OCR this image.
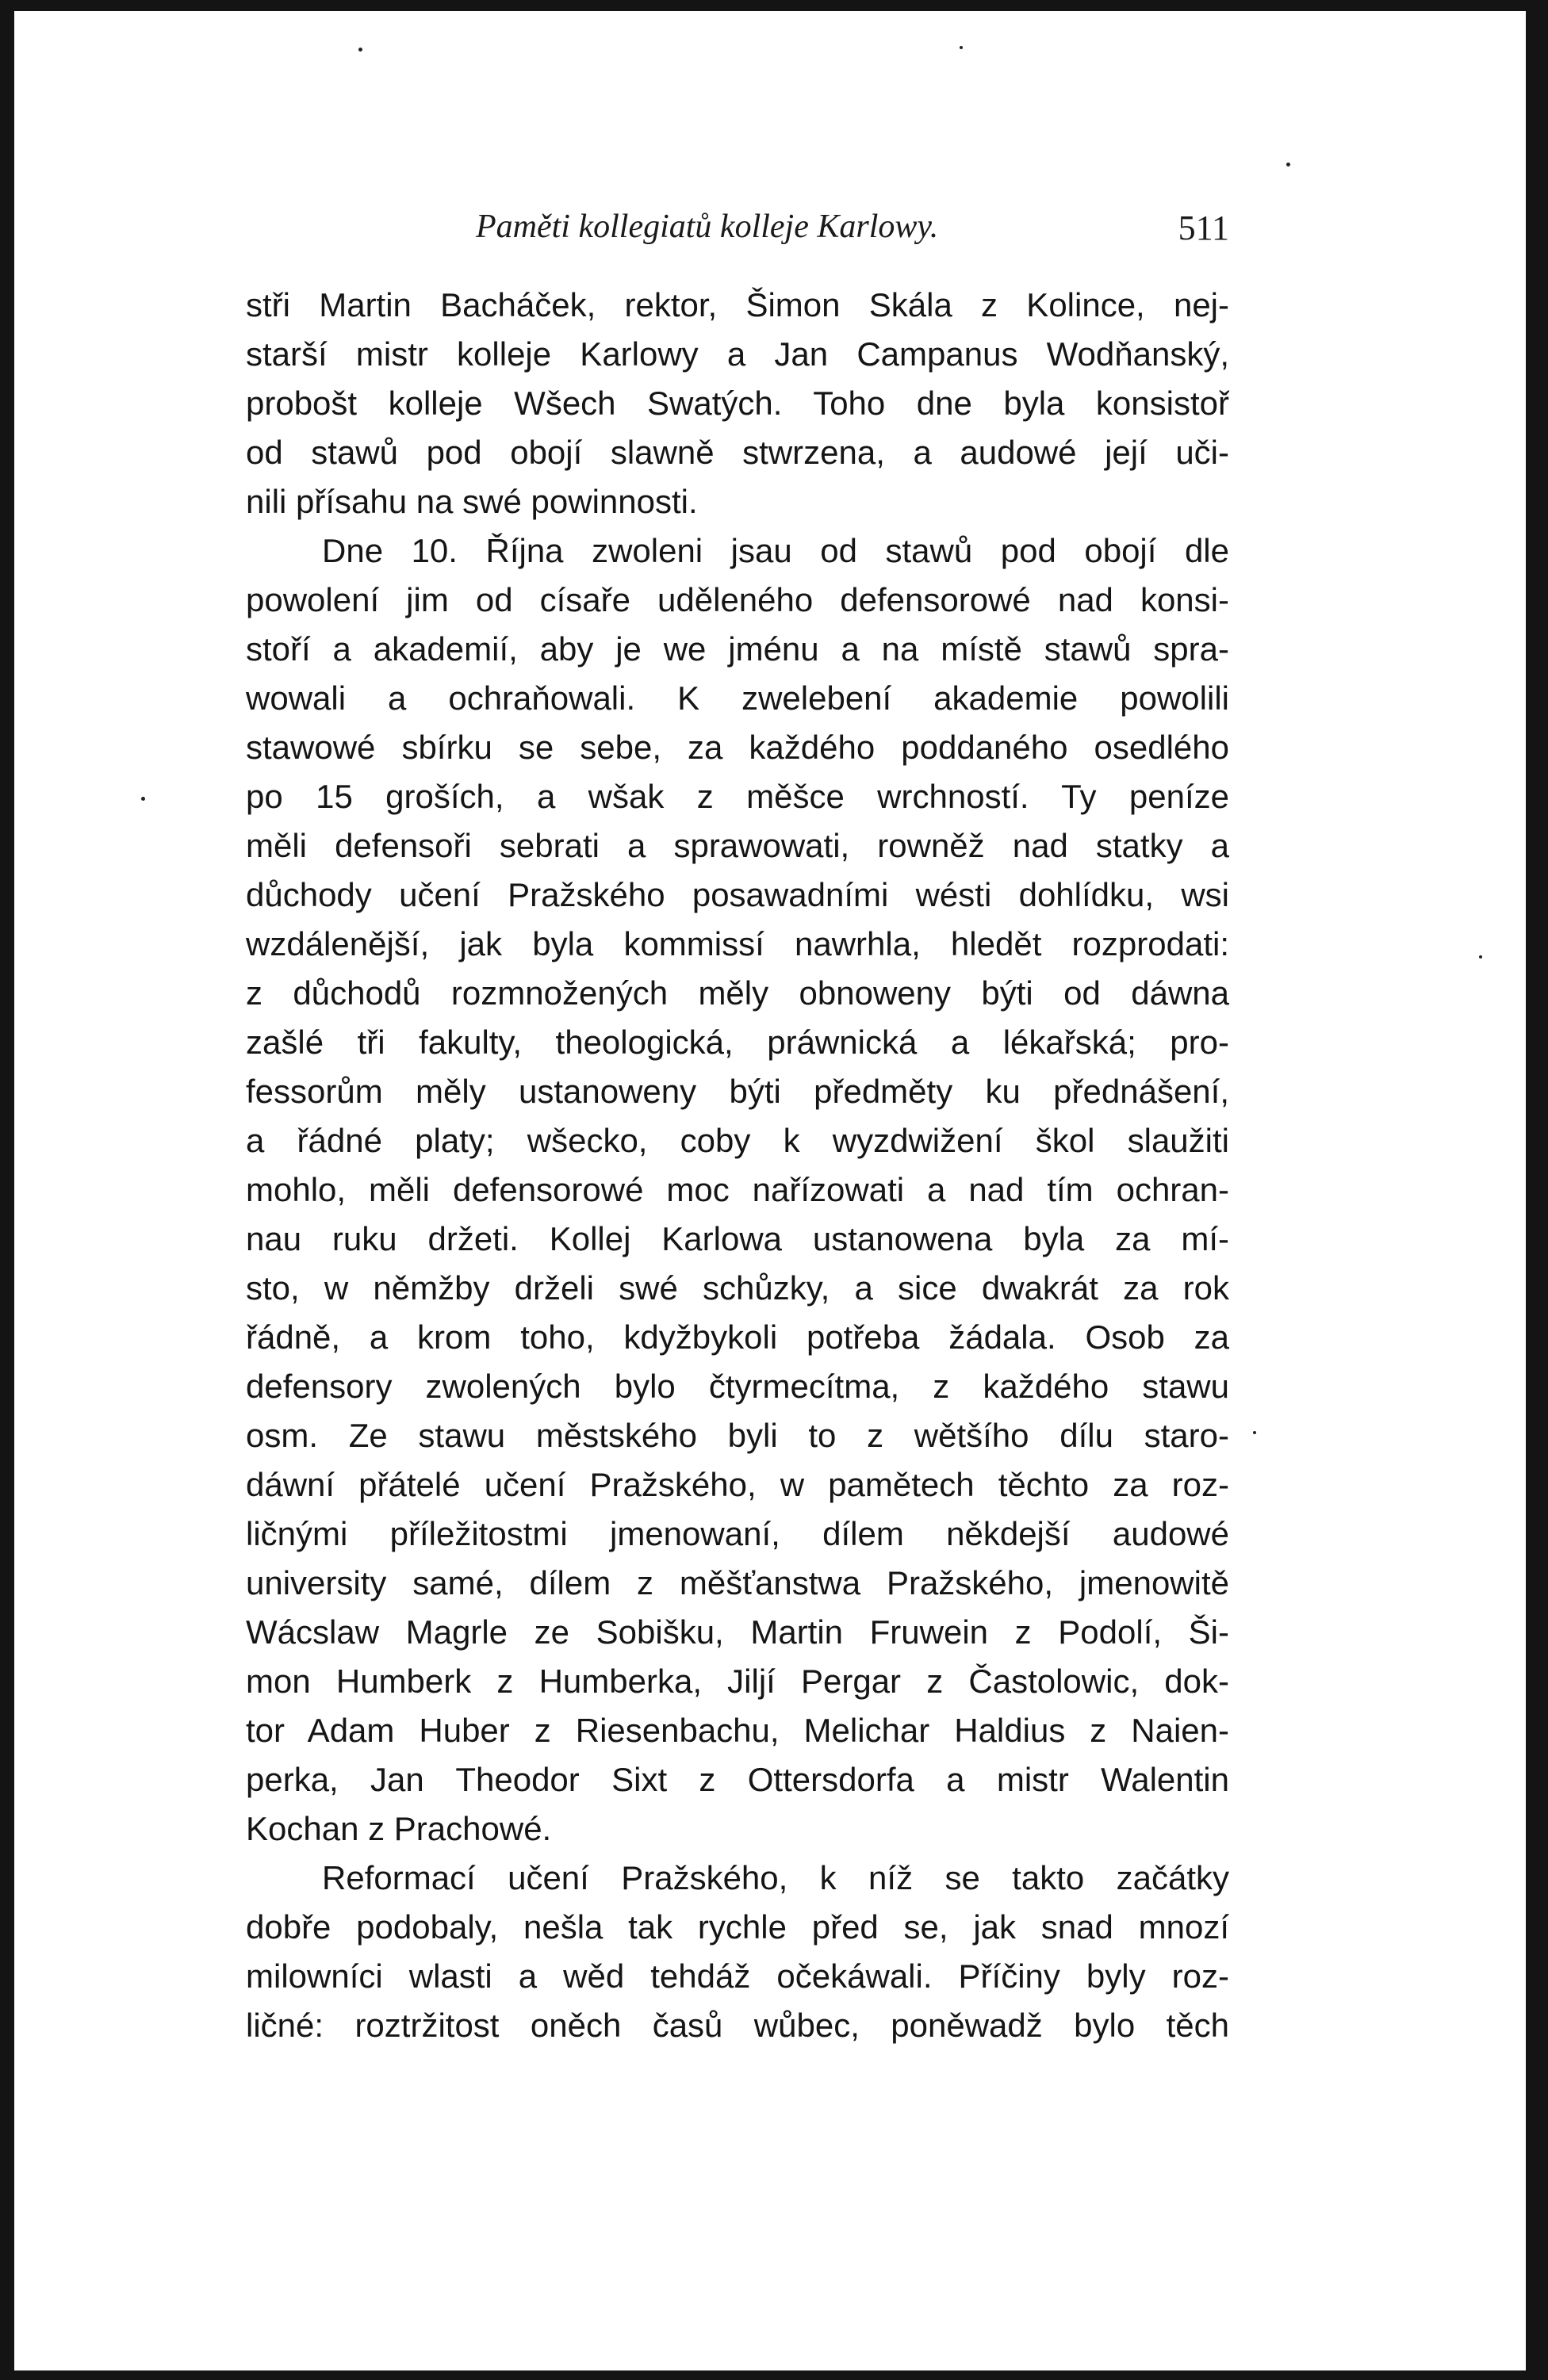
Paměti kollegiatů kolleje Karlowy.	511
stři Martin Bacháček, rektor, Šimon Skála z Kolince, nej-
starší mistr kolleje Karlowy a Jan Campanus Wodňanský,
probošt kolleje Wšech Swatých. Toho dne byla konsistoř
od stawů pod obojí slawně stwrzena, a audowé její uči-
nili přísahu na swé powinnosti.
Dne 10. Října zwoleni jsau od stawů pod obojí dle
powolení jim od císaře uděleného defensorowé nad konsi-
stoří a akademií, aby je we jménu a na místě stawů spra-
wowali a ochraňowali. K zwelebení akademie powolili
stawowé sbírku se sebe, za každého poddaného osedlého
po 15 groších, a wšak z měšce wrchností. Ty peníze
měli defensoři sebrati a sprawowati, rowněž nad statky a
důchody učení Pražského posawadními wésti dohlídku, wsi
wzdálenější, jak byla kommissí nawrhla, hledět rozprodati:
z důchodů rozmnožených měly obnoweny býti od dáwna
zašlé tři fakulty, theologická, práwnická a lékařská; pro-
fessorům měly ustanoweny býti předměty ku přednášení,
a řádné platy; wšecko, coby k wyzdwižení škol slaužiti
mohlo, měli defensorowé moc nařízowati a nad tím ochran-
nau ruku držeti. Kollej Karlowa ustanowena byla za mí-
sto, w němžby drželi swé schůzky, a sice dwakrát za rok
řádně, a krom toho, kdyžbykoli potřeba žádala. Osob za
defensory zwolených bylo čtyrmecítma, z každého stawu
osm. Ze stawu městského byli to z wětšího dílu staro-
dáwní přátelé učení Pražského, w pamětech těchto za roz-
ličnými příležitostmi jmenowaní, dílem někdejší audowé
university samé, dílem z měšťanstwa Pražského, jmenowitě
Wácslaw Magrle ze Sobišku, Martin Fruwein z Podolí, Ši-
mon Humberk z Humberka, Jiljí Pergar z Častolowic, dok-
tor Adam Huber z Riesenbachu, Melichar Haldius z Naien-
perka, Jan Theodor Sixt z Ottersdorfa a mistr Walentin
Kochan z Prachowé.
Reformací učení Pražského, k níž se takto začátky
dobře podobaly, nešla tak rychle před se, jak snad mnozí
milowníci wlasti a wěd tehdáž očekáwali. Příčiny byly roz-
ličné: roztržitost oněch časů wůbec, poněwadž bylo těch
